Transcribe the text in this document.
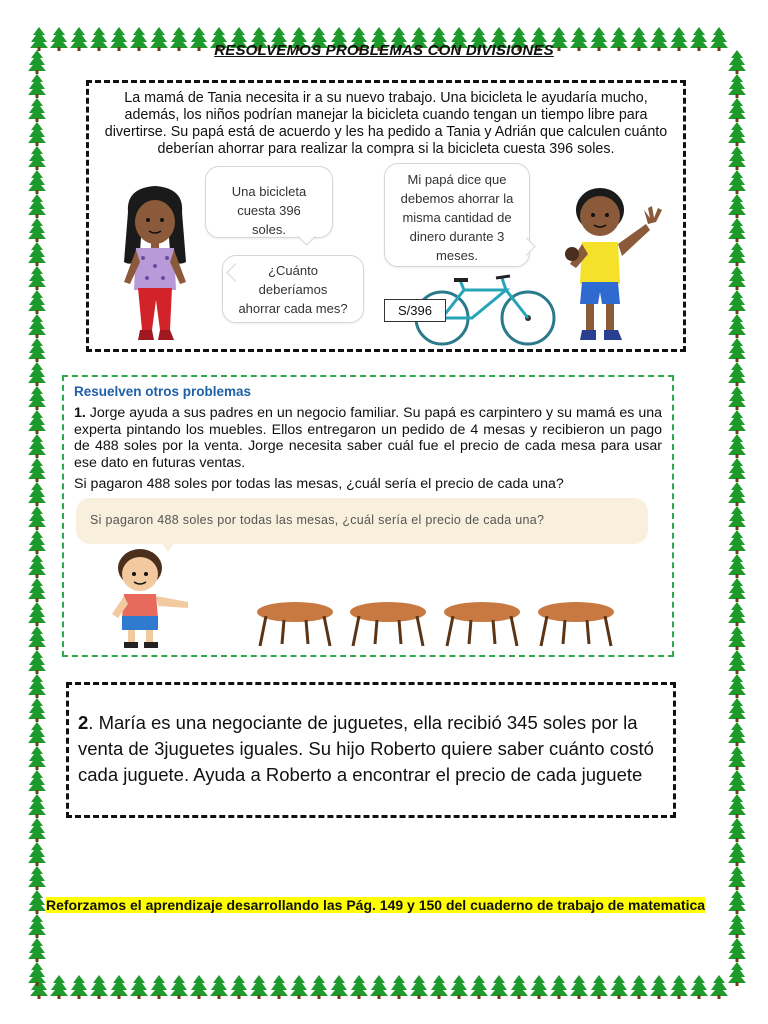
RESOLVEMOS PROBLEMAS CON DIVISIONES
La mamá de Tania necesita ir a su nuevo trabajo. Una bicicleta le ayudaría mucho, además, los niños podrían manejar la bicicleta cuando tengan un tiempo libre para divertirse. Su papá está de acuerdo y les ha pedido a Tania y Adrián que calculen cuánto deberían ahorrar para realizar la compra si la bicicleta cuesta 396 soles.
Una bicicleta cuesta 396 soles.
¿Cuánto deberíamos ahorrar cada mes?
Mi papá dice que debemos ahorrar la misma cantidad de dinero durante 3 meses.
S/396
Resuelven otros problemas
1. Jorge ayuda a sus padres en un negocio familiar. Su papá es carpintero y su mamá es una experta pintando los muebles. Ellos entregaron un pedido de 4 mesas y recibieron un pago de 488 soles por la venta. Jorge necesita saber cuál fue el precio de cada mesa para usar ese dato en futuras ventas.
Si pagaron 488 soles por todas las mesas, ¿cuál sería el precio de cada una?
Si pagaron 488 soles por todas las mesas, ¿cuál sería el precio de cada una?
2. María es una negociante de juguetes, ella recibió 345 soles por la venta de 3juguetes iguales. Su hijo Roberto quiere saber cuánto costó cada juguete. Ayuda a Roberto a encontrar el precio de cada juguete
Reforzamos el aprendizaje desarrollando las Pág. 149 y 150 del cuaderno de trabajo de matematica
